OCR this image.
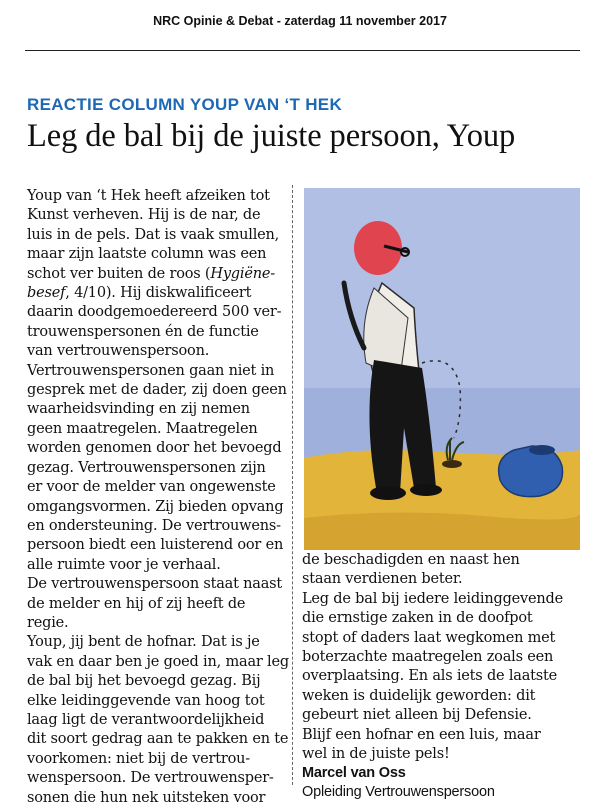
NRC Opinie & Debat - zaterdag 11 november 2017
REACTIE COLUMN YOUP VAN ‘T HEK
Leg de bal bij de juiste persoon, Youp

Youp van ‘t Hek heeft afzeiken tot

Kunst verheven. Hij is de nar, de

luis in de pels. Dat is vaak smullen,

maar zijn laatste column was een

schot ver buiten de roos (Hygiëne-

besef, 4/10). Hij diskwalificeert

daarin doodgemoedereerd 500 ver-

trouwenspersonen én de functie

van vertrouwenspersoon.

Vertrouwenspersonen gaan niet in

gesprek met de dader, zij doen geen

waarheidsvinding en zij nemen

geen maatregelen. Maatregelen

worden genomen door het bevoegd

gezag. Vertrouwenspersonen zijn

er voor de melder van ongewenste

omgangsvormen. Zij bieden opvang

en ondersteuning. De vertrouwens-

persoon biedt een luisterend oor en

alle ruimte voor je verhaal.

De vertrouwenspersoon staat naast

de melder en hij of zij heeft de

regie.

Youp, jij bent de hofnar. Dat is je

vak en daar ben je goed in, maar leg

de bal bij het bevoegd gezag. Bij

elke leidinggevende van hoog tot

laag ligt de verantwoordelijkheid

dit soort gedrag aan te pakken en te

voorkomen: niet bij de vertrou-

wenspersoon. De vertrouwensper-

sonen die hun nek uitsteken voor

de beschadigden en naast hen

staan verdienen beter.

Leg de bal bij iedere leidinggevende

die ernstige zaken in de doofpot

stopt of daders laat wegkomen met

boterzachte maatregelen zoals een

overplaatsing. En als iets de laatste

weken is duidelijk geworden: dit

gebeurt niet alleen bij Defensie.

Blijf een hofnar en een luis, maar

wel in de juiste pels!

Marcel van Oss
Opleiding Vertrouwenspersoon
